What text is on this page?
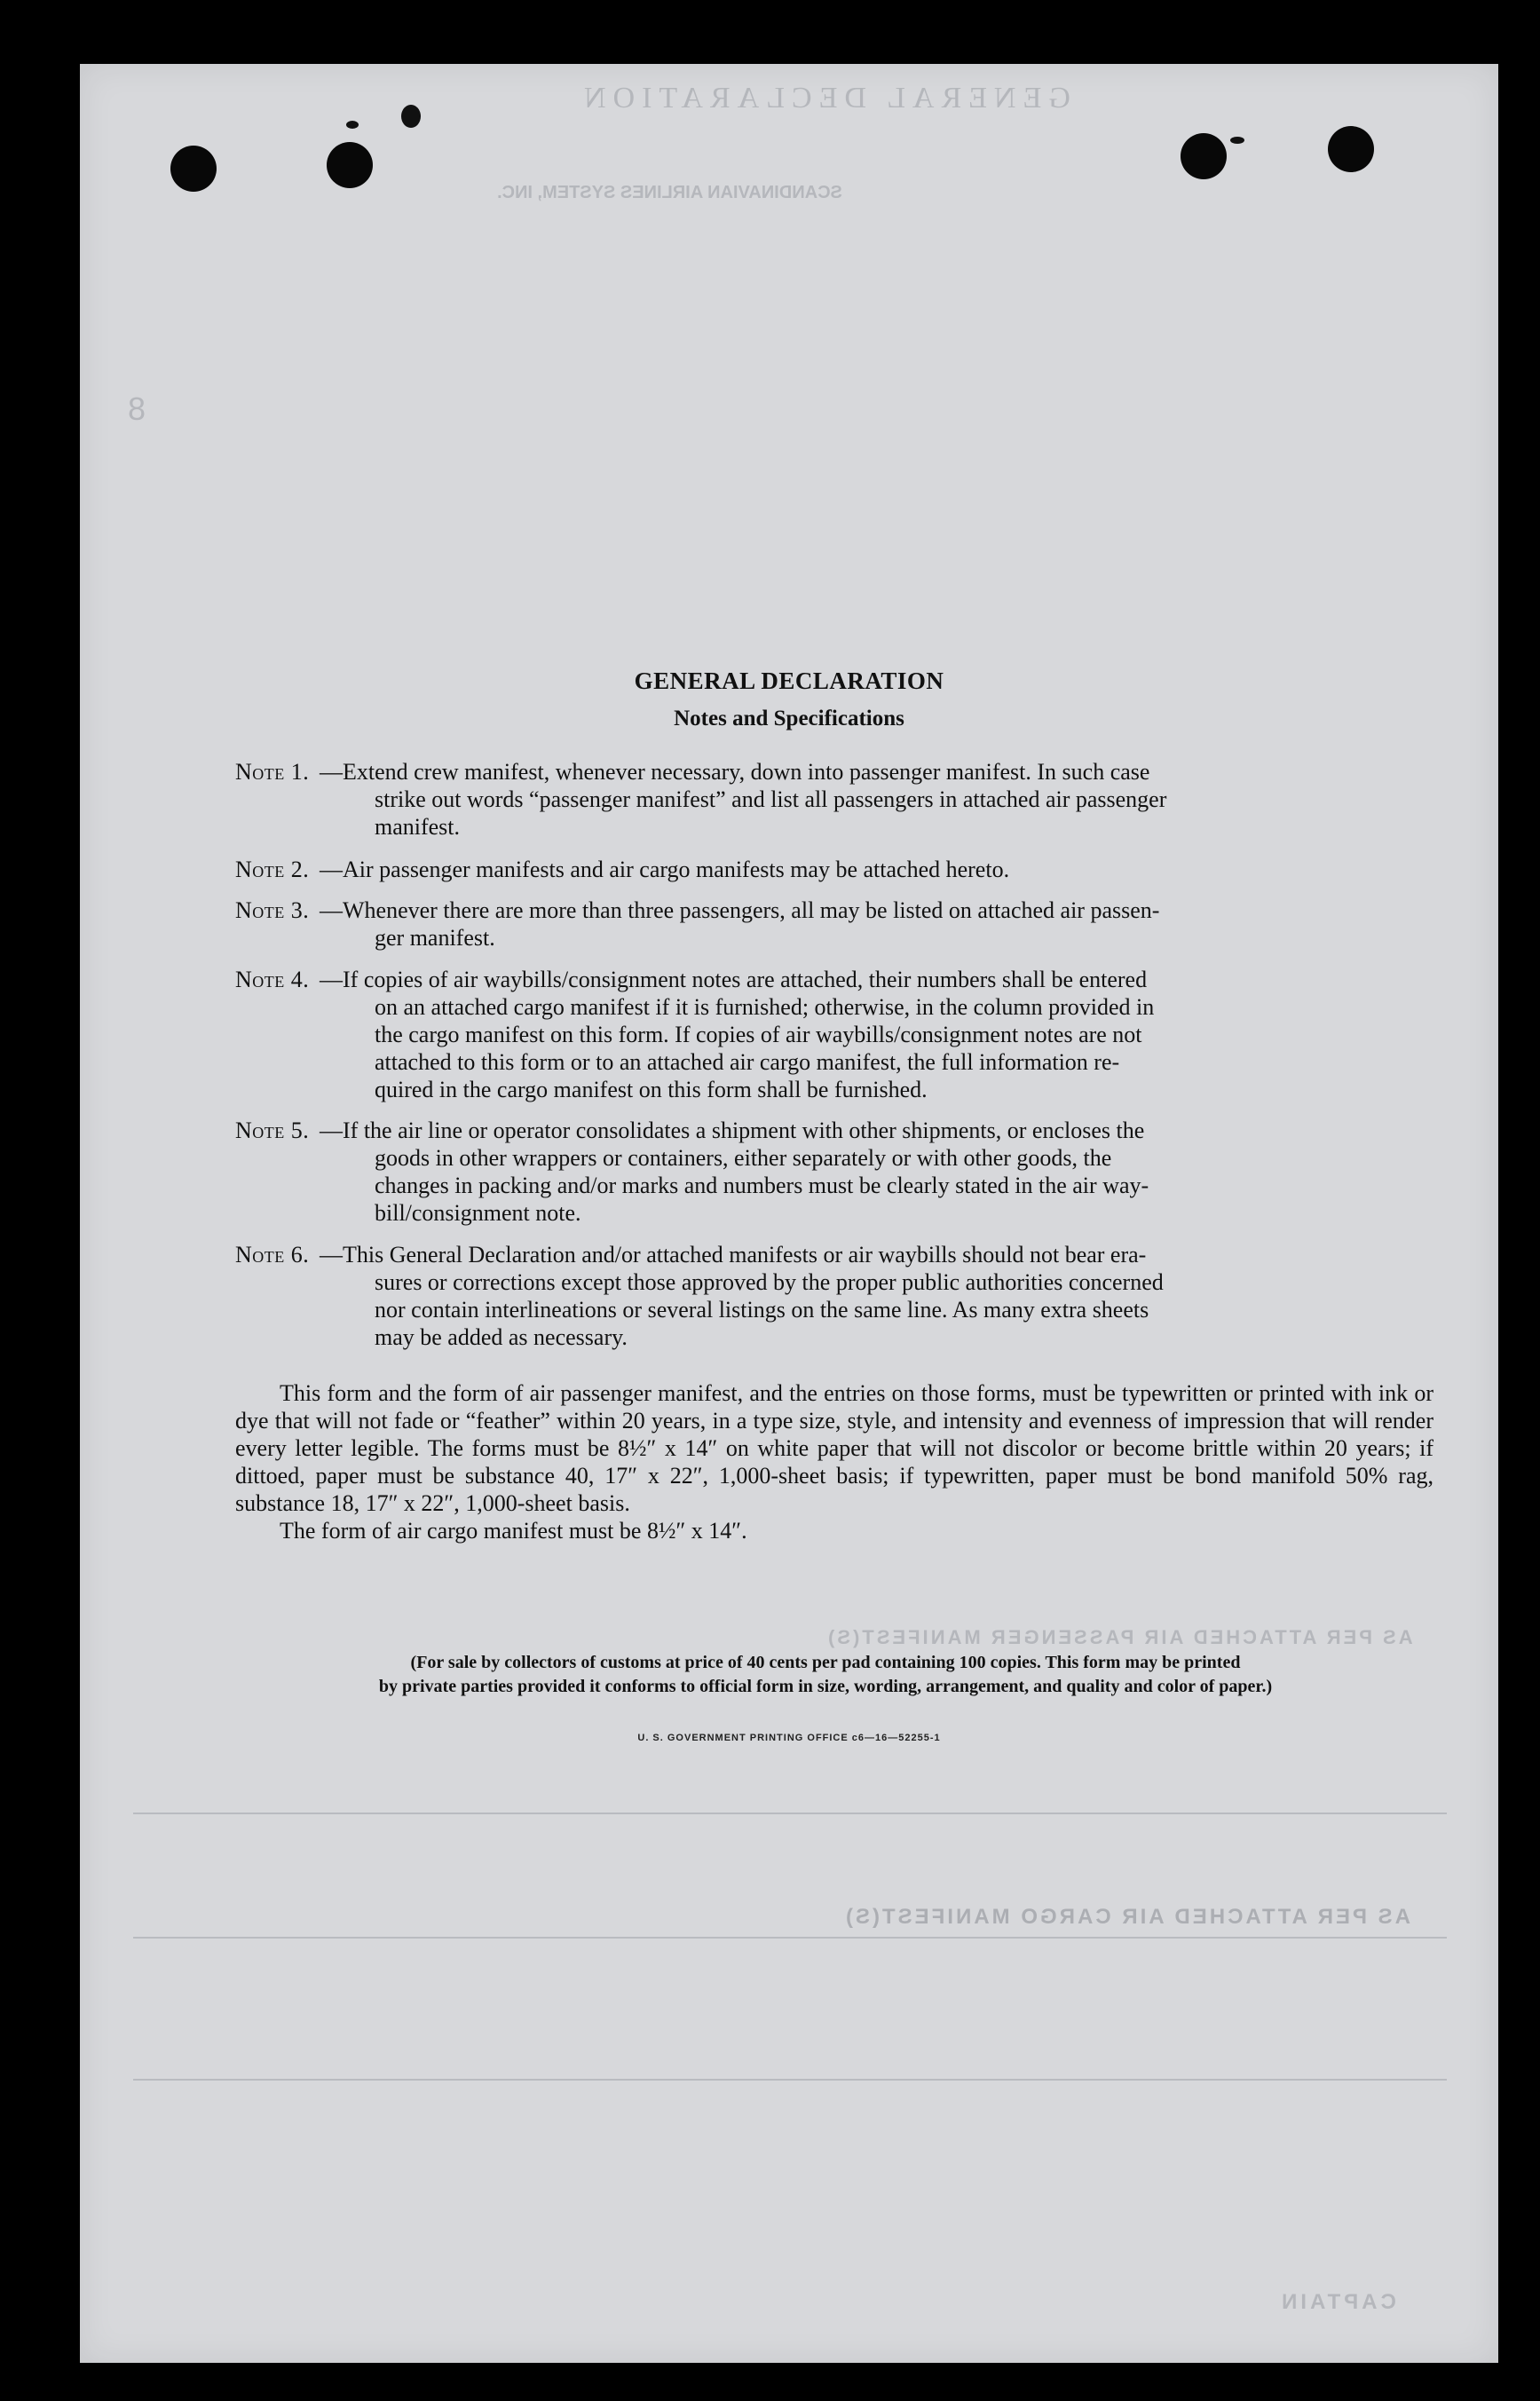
GENERAL DECLARATION
SCANDINAVIAN AIRLINES SYSTEM, INC.
8
AS PER ATTACHED AIR PASSENGER MANIFEST(S)
AS PER ATTACHED AIR CARGO MANIFEST(S)
CAPTAIN
GENERAL DECLARATION
Notes and Specifications
Note 1. —Extend crew manifest, whenever necessary, down into passenger manifest. In such case
strike out words “passenger manifest” and list all passengers in attached air passenger
manifest.
Note 2. —Air passenger manifests and air cargo manifests may be attached hereto.
Note 3. —Whenever there are more than three passengers, all may be listed on attached air passen-
ger manifest.
Note 4. —If copies of air waybills/consignment notes are attached, their numbers shall be entered
on an attached cargo manifest if it is furnished; otherwise, in the column provided in
the cargo manifest on this form. If copies of air waybills/consignment notes are not
attached to this form or to an attached air cargo manifest, the full information re-
quired in the cargo manifest on this form shall be furnished.
Note 5. —If the air line or operator consolidates a shipment with other shipments, or encloses the
goods in other wrappers or containers, either separately or with other goods, the
changes in packing and/or marks and numbers must be clearly stated in the air way-
bill/consignment note.
Note 6. —This General Declaration and/or attached manifests or air waybills should not bear era-
sures or corrections except those approved by the proper public authorities concerned
nor contain interlineations or several listings on the same line. As many extra sheets
may be added as necessary.

This form and the form of air passenger manifest, and the entries on those forms, must be typewritten or printed with ink or dye that will not fade or “feather” within 20 years, in a type size, style, and intensity and evenness of impression that will render every letter legible. The forms must be 8½″ x 14″ on white paper that will not discolor or become brittle within 20 years; if dittoed, paper must be substance 40, 17″ x 22″, 1,000-sheet basis; if typewritten, paper must be bond manifold 50% rag, substance 18, 17″ x 22″, 1,000-sheet basis.

The form of air cargo manifest must be 8½″ x 14″.

(For sale by collectors of customs at price of 40 cents per pad containing 100 copies. This form may be printed
by private parties provided it conforms to official form in size, wording, arrangement, and quality and color of paper.)
U. S. GOVERNMENT PRINTING OFFICE c6—16—52255-1
